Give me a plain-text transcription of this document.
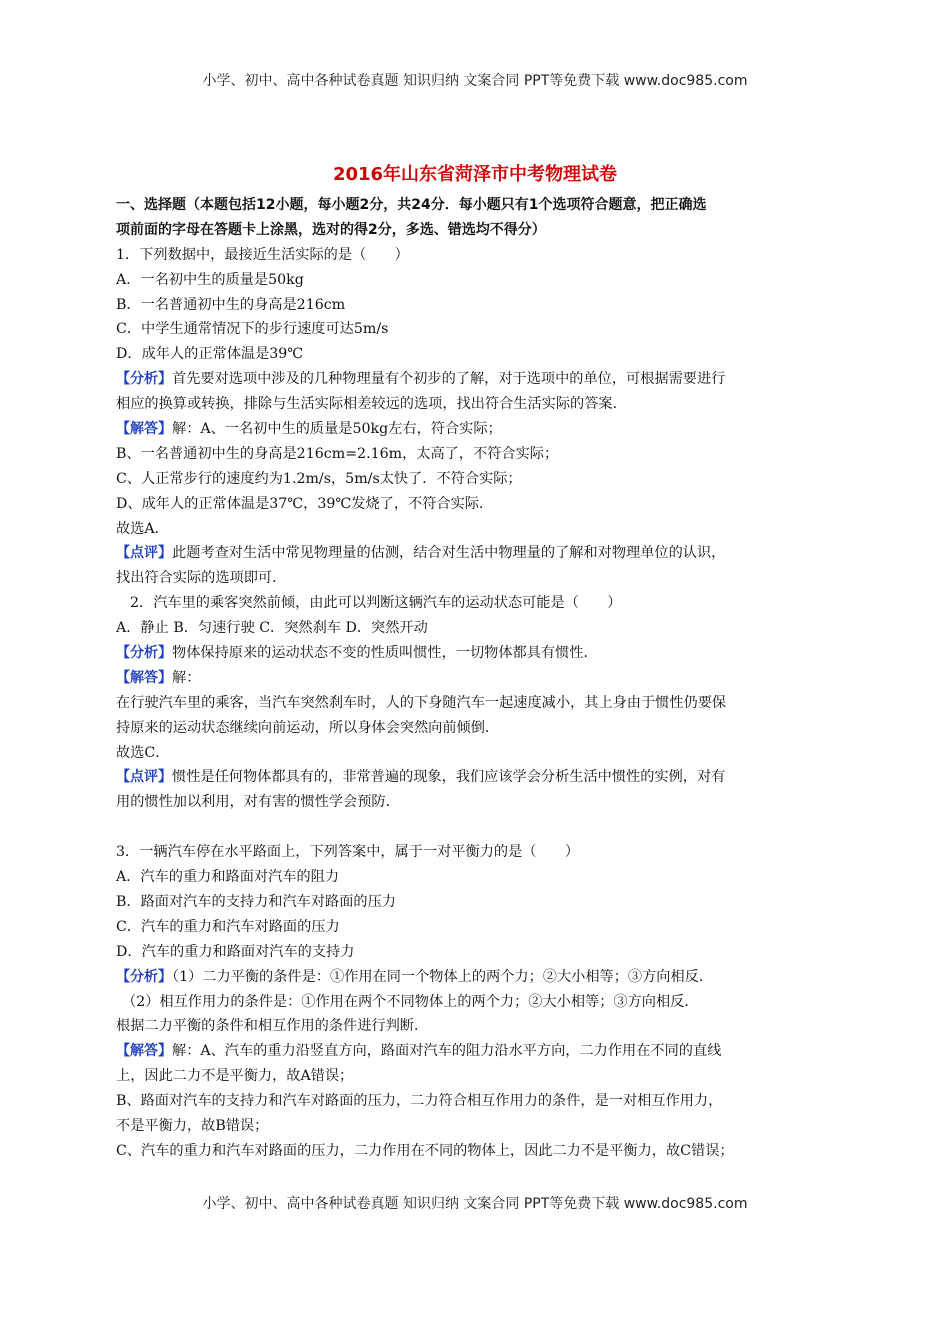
小学、初中、高中各种试卷真题 知识归纳 文案合同 PPT等免费下载 www.doc985.com
2016年山东省菏泽市中考物理试卷
一、选择题（本题包括12小题，每小题2分，共24分．每小题只有1个选项符合题意，把正确选
项前面的字母在答题卡上涂黑，选对的得2分，多选、错选均不得分）
1．下列数据中，最接近生活实际的是（　　）
A．一名初中生的质量是50kg
B．一名普通初中生的身高是216cm
C．中学生通常情况下的步行速度可达5m/s
D．成年人的正常体温是39℃
【分析】首先要对选项中涉及的几种物理量有个初步的了解，对于选项中的单位，可根据需要进行
相应的换算或转换，排除与生活实际相差较远的选项，找出符合生活实际的答案．
【解答】解：A、一名初中生的质量是50kg左右，符合实际；
B、一名普通初中生的身高是216cm=2.16m，太高了，不符合实际；
C、人正常步行的速度约为1.2m/s，5m/s太快了．不符合实际；
D、成年人的正常体温是37℃，39℃发烧了，不符合实际．
故选A．
【点评】此题考查对生活中常见物理量的估测，结合对生活中物理量的了解和对物理单位的认识，
找出符合实际的选项即可．
2．汽车里的乘客突然前倾，由此可以判断这辆汽车的运动状态可能是（　　）
A．静止 B．匀速行驶 C．突然刹车 D．突然开动
【分析】物体保持原来的运动状态不变的性质叫惯性，一切物体都具有惯性．
【解答】解：
在行驶汽车里的乘客，当汽车突然刹车时，人的下身随汽车一起速度减小，其上身由于惯性仍要保
持原来的运动状态继续向前运动，所以身体会突然向前倾倒．
故选C．
【点评】惯性是任何物体都具有的，非常普遍的现象，我们应该学会分析生活中惯性的实例，对有
用的惯性加以利用，对有害的惯性学会预防．
3．一辆汽车停在水平路面上，下列答案中，属于一对平衡力的是（　　）
A．汽车的重力和路面对汽车的阻力
B．路面对汽车的支持力和汽车对路面的压力
C．汽车的重力和汽车对路面的压力
D．汽车的重力和路面对汽车的支持力
【分析】（1）二力平衡的条件是：①作用在同一个物体上的两个力；②大小相等；③方向相反．
（2）相互作用力的条件是：①作用在两个不同物体上的两个力；②大小相等；③方向相反．
根据二力平衡的条件和相互作用的条件进行判断．
【解答】解：A、汽车的重力沿竖直方向，路面对汽车的阻力沿水平方向，二力作用在不同的直线
上，因此二力不是平衡力，故A错误；
B、路面对汽车的支持力和汽车对路面的压力，二力符合相互作用力的条件，是一对相互作用力，
不是平衡力，故B错误；
C、汽车的重力和汽车对路面的压力，二力作用在不同的物体上，因此二力不是平衡力，故C错误；
小学、初中、高中各种试卷真题 知识归纳 文案合同 PPT等免费下载 www.doc985.com
